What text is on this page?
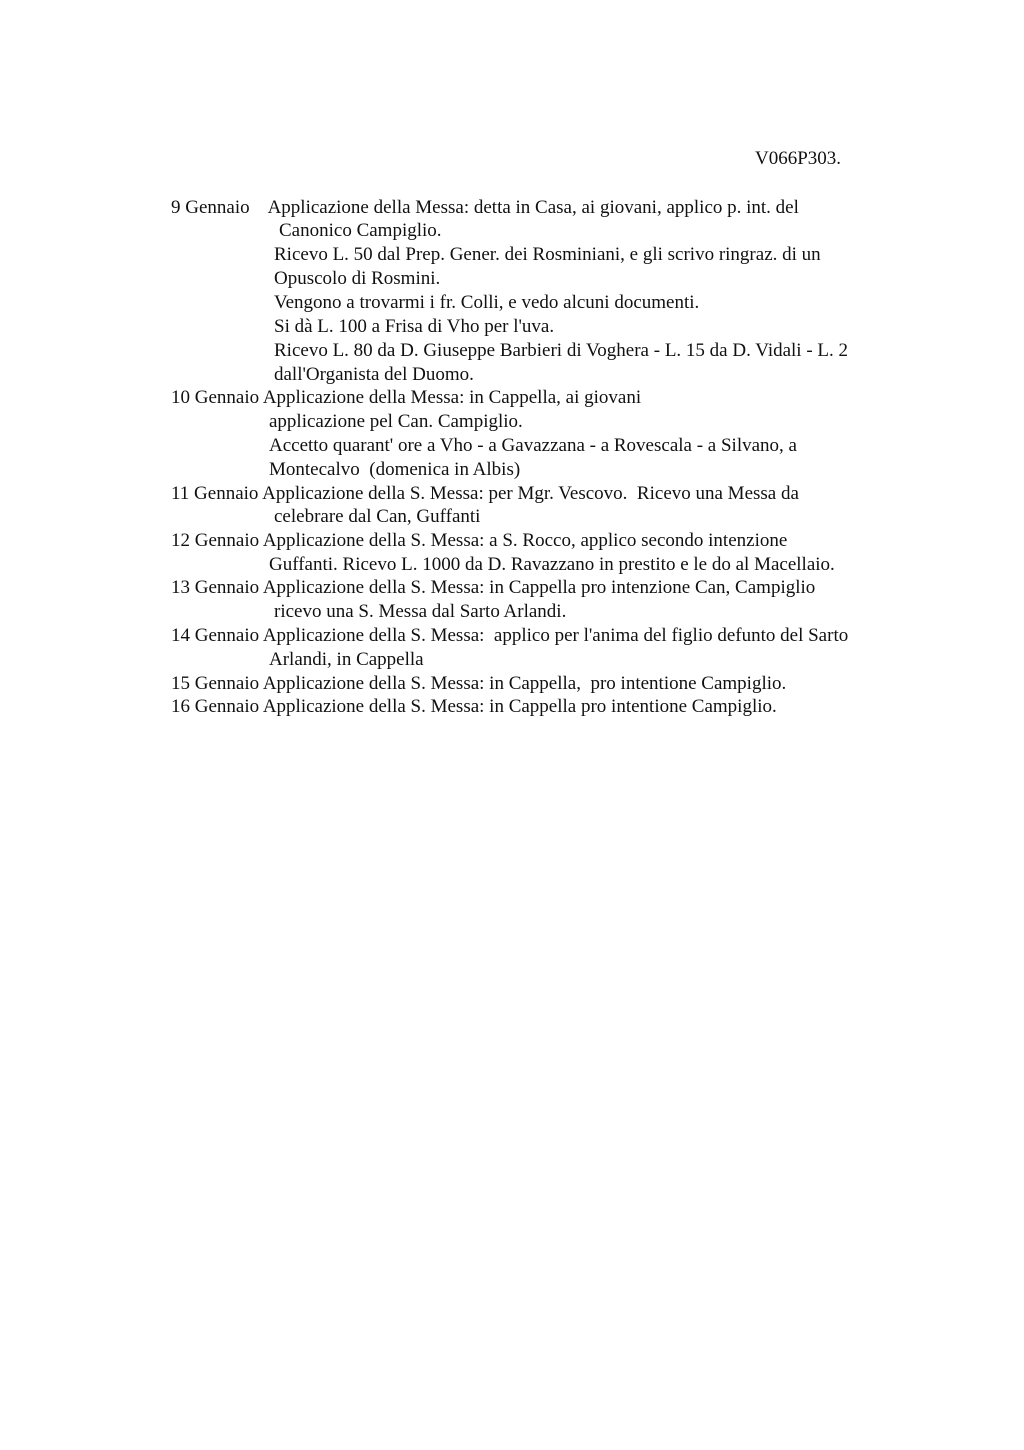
V066P303.
9 Gennaio    Applicazione della Messa: detta in Casa, ai giovani, applico p. int. del
Canonico Campiglio.
Ricevo L. 50 dal Prep. Gener. dei Rosminiani, e gli scrivo ringraz. di un
Opuscolo di Rosmini.
Vengono a trovarmi i fr. Colli, e vedo alcuni documenti.
Si dà L. 100 a Frisa di Vho per l'uva.
Ricevo L. 80 da D. Giuseppe Barbieri di Voghera - L. 15 da D. Vidali - L. 2
dall'Organista del Duomo.
10 Gennaio Applicazione della Messa: in Cappella, ai giovani
applicazione pel Can. Campiglio.
Accetto quarant' ore a Vho - a Gavazzana - a Rovescala - a Silvano, a
Montecalvo  (domenica in Albis)
11 Gennaio Applicazione della S. Messa: per Mgr. Vescovo.  Ricevo una Messa da
celebrare dal Can, Guffanti
12 Gennaio Applicazione della S. Messa: a S. Rocco, applico secondo intenzione
Guffanti. Ricevo L. 1000 da D. Ravazzano in prestito e le do al Macellaio.
13 Gennaio Applicazione della S. Messa: in Cappella pro intenzione Can, Campiglio
ricevo una S. Messa dal Sarto Arlandi.
14 Gennaio Applicazione della S. Messa:  applico per l'anima del figlio defunto del Sarto
Arlandi, in Cappella
15 Gennaio Applicazione della S. Messa: in Cappella,  pro intentione Campiglio.
16 Gennaio Applicazione della S. Messa: in Cappella pro intentione Campiglio.
